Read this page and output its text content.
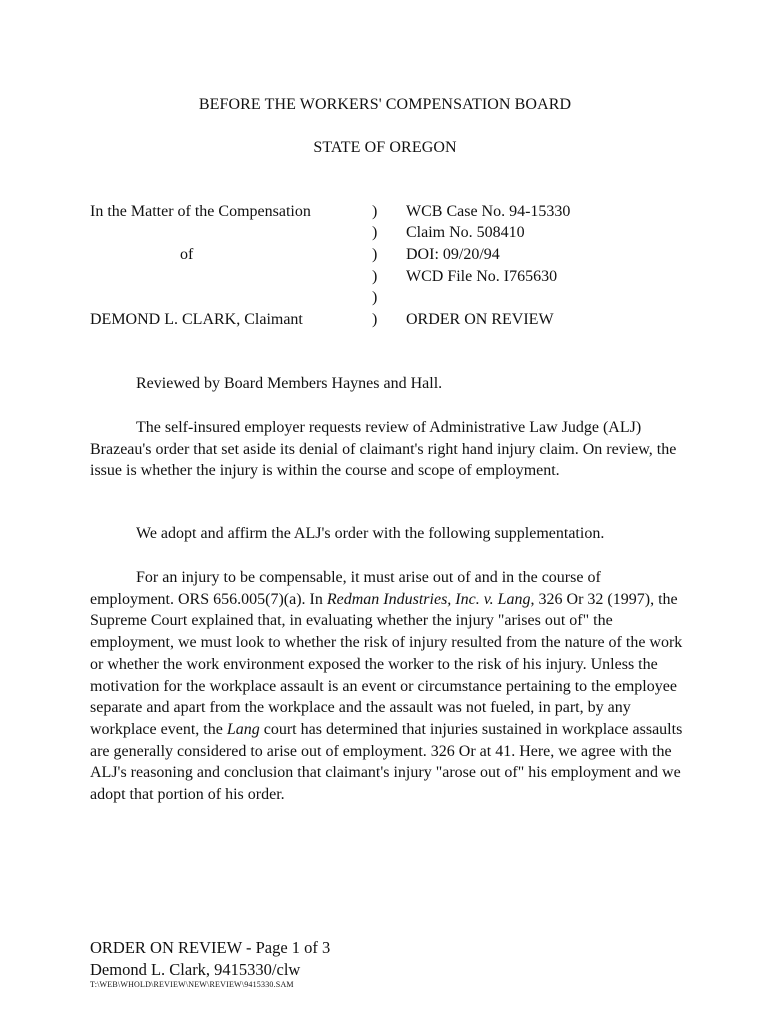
BEFORE THE WORKERS' COMPENSATION BOARD
STATE OF OREGON
In the Matter of the Compensation
of
DEMOND L. CLARK, Claimant
)
)
)
)
)
)
WCB Case No. 94-15330
Claim No. 508410
DOI: 09/20/94
WCD File No. I765630
ORDER ON REVIEW
Reviewed by Board Members Haynes and Hall.

The self-insured employer requests review of Administrative Law Judge (ALJ) Brazeau's order that set aside its denial of claimant's right hand injury claim. On review, the issue is whether the injury is within the course and scope of employment.

We adopt and affirm the ALJ's order with the following supplementation.

For an injury to be compensable, it must arise out of and in the course of employment. ORS 656.005(7)(a). In Redman Industries, Inc. v. Lang, 326 Or 32 (1997), the Supreme Court explained that, in evaluating whether the injury "arises out of" the employment, we must look to whether the risk of injury resulted from the nature of the work or whether the work environment exposed the worker to the risk of his injury. Unless the motivation for the workplace assault is an event or circumstance pertaining to the employee separate and apart from the workplace and the assault was not fueled, in part, by any workplace event, the Lang court has determined that injuries sustained in workplace assaults are generally considered to arise out of employment. 326 Or at 41. Here, we agree with the ALJ's reasoning and conclusion that claimant's injury "arose out of" his employment and we adopt that portion of his order.

ORDER ON REVIEW - Page 1 of 3
Demond L. Clark, 9415330/clw
T:\WEB\WHOLD\REVIEW\NEW\REVIEW\9415330.SAM
